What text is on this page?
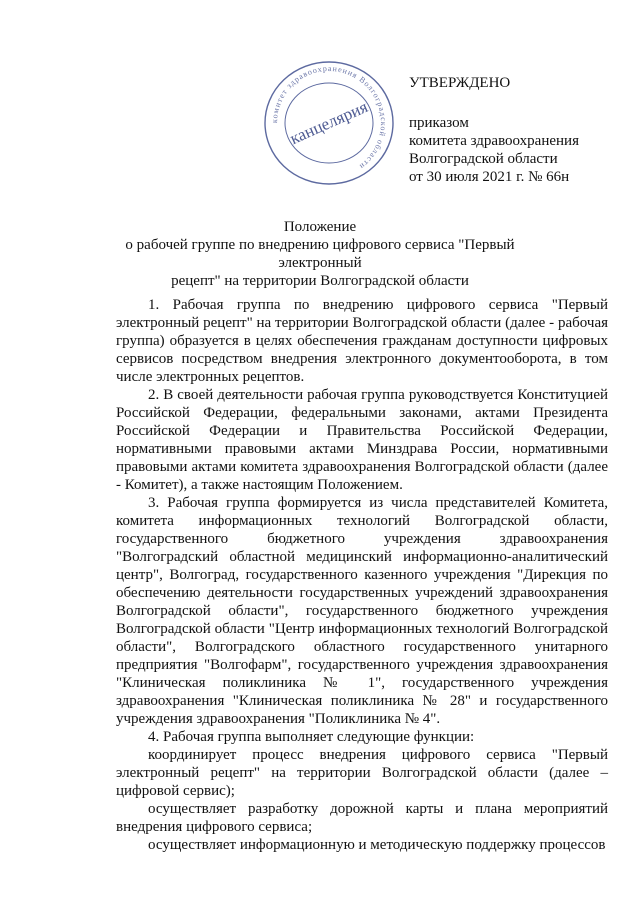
комитет здравоохранения Волгоградской области
канцелярия
УТВЕРЖДЕНО
приказом
комитета здравоохранения
Волгоградской области
от 30 июля 2021 г. № 66н
Положение
о рабочей группе по внедрению цифрового сервиса "Первый электронный
рецепт" на территории Волгоградской области

1. Рабочая группа по внедрению цифрового сервиса "Первый электронный рецепт" на территории Волгоградской области (далее - рабочая группа) образуется в целях обеспечения гражданам доступности цифровых сервисов посредством внедрения электронного документооборота, в том числе электронных рецептов.

2. В своей деятельности рабочая группа руководствуется Конституцией Российской Федерации, федеральными законами, актами Президента Российской Федерации и Правительства Российской Федерации, нормативными правовыми актами Минздрава России, нормативными правовыми актами комитета здравоохранения Волгоградской области (далее - Комитет), а также настоящим Положением.

3. Рабочая группа формируется из числа представителей Комитета, комитета информационных технологий Волгоградской области, государственного бюджетного учреждения здравоохранения "Волгоградский областной медицинский информационно-аналитический центр", Волгоград, государственного казенного учреждения "Дирекция по обеспечению деятельности государственных учреждений здравоохранения Волгоградской области", государственного бюджетного учреждения Волгоградской области "Центр информационных технологий Волгоградской области", Волгоградского областного государственного унитарного предприятия "Волгофарм", государственного учреждения здравоохранения "Клиническая поликлиника № 1", государственного учреждения здравоохранения "Клиническая поликлиника № 28" и государственного учреждения здравоохранения "Поликлиника № 4".

4. Рабочая группа выполняет следующие функции:

координирует процесс внедрения цифрового сервиса "Первый электронный рецепт" на территории Волгоградской области (далее – цифровой сервис);

осуществляет разработку дорожной карты и плана мероприятий внедрения цифрового сервиса;

осуществляет информационную и методическую поддержку процессов
